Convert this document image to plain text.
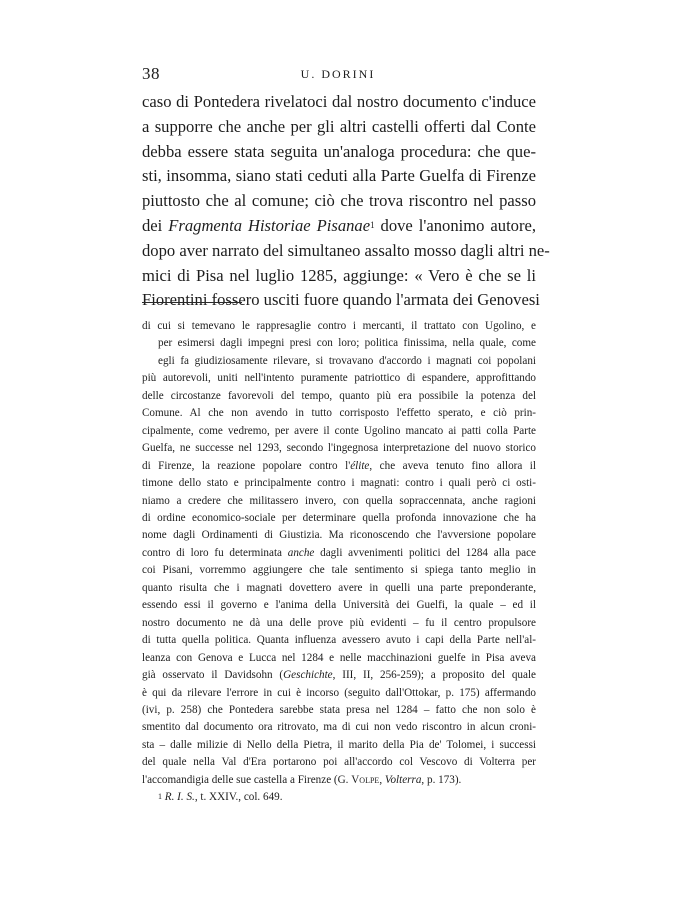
38	U. DORINI
caso di Pontedera rivelatoci dal nostro documento c'induce
a supporre che anche per gli altri castelli offerti dal Conte
debba essere stata seguita un'analoga procedura: che que-
sti, insomma, siano stati ceduti alla Parte Guelfa di Firenze
piuttosto che al comune; ciò che trova riscontro nel passo
dei Fragmenta Historiae Pisanae$^1$ dove l'anonimo autore,
dopo aver narrato del simultaneo assalto mosso dagli altri ne-
mici di Pisa nel luglio 1285, aggiunge: « Vero è che se li
Fiorentini fossero usciti fuore quando l'armata dei Genovesi
di cui si temevano le rappresaglie contro i mercanti, il trattato con Ugolino, e
per esimersi dagli impegni presi con loro; politica finissima, nella quale, come
egli fa giudiziosamente rilevare, si trovavano d'accordo i magnati coi popolani
più autorevoli, uniti nell'intento puramente patriottico di espandere, approfittando
delle circostanze favorevoli del tempo, quanto più era possibile la potenza del
Comune. Al che non avendo in tutto corrisposto l'effetto sperato, e ciò prin-
cipalmente, come vedremo, per avere il conte Ugolino mancato ai patti colla Parte
Guelfa, ne successe nel 1293, secondo l'ingegnosa interpretazione del nuovo storico
di Firenze, la reazione popolare contro l'élite, che aveva tenuto fino allora il
timone dello stato e principalmente contro i magnati: contro i quali però ci osti-
niamo a credere che militassero invero, con quella sopraccennata, anche ragioni
di ordine economico-sociale per determinare quella profonda innovazione che ha
nome dagli Ordinamenti di Giustizia. Ma riconoscendo che l'avversione popolare
contro di loro fu determinata anche dagli avvenimenti politici del 1284 alla pace
coi Pisani, vorremmo aggiungere che tale sentimento si spiega tanto meglio in
quanto risulta che i magnati dovettero avere in quelli una parte preponderante,
essendo essi il governo e l'anima della Università dei Guelfi, la quale – ed il
nostro documento ne dà una delle prove più evidenti – fu il centro propulsore
di tutta quella politica. Quanta influenza avessero avuto i capi della Parte nell'al-
leanza con Genova e Lucca nel 1284 e nelle macchinazioni guelfe in Pisa aveva
già osservato il Davidsohn (Geschichte, III, II, 256-259); a proposito del quale
è qui da rilevare l'errore in cui è incorso (seguito dall'Ottokar, p. 175) affermando
(ivi, p. 258) che Pontedera sarebbe stata presa nel 1284 – fatto che non solo è
smentito dal documento ora ritrovato, ma di cui non vedo riscontro in alcun croni-
sta – dalle milizie di Nello della Pietra, il marito della Pia de' Tolomei, i successi
del quale nella Val d'Era portarono poi all'accordo col Vescovo di Volterra per
l'accomandigia delle sue castella a Firenze (G. Volpe, Volterra, p. 173).
$^1$ R. I. S., t. XXIV., col. 649.
